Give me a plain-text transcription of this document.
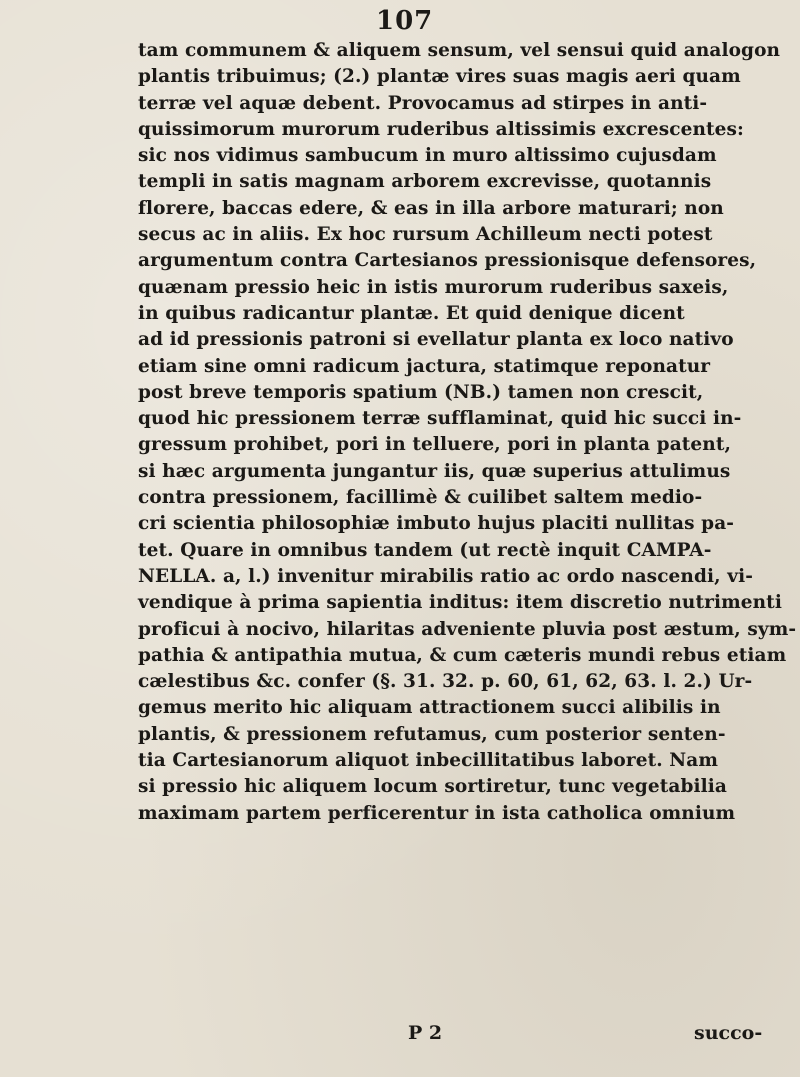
107
tam communem & aliquem sensum, vel sensui quid analogon
plantis tribuimus; (2.) plantæ vires suas magis aeri quam
terræ vel aquæ debent. Provocamus ad stirpes in anti-
quissimorum murorum ruderibus altissimis excrescentes:
sic nos vidimus sambucum in muro altissimo cujusdam
templi in satis magnam arborem excrevisse, quotannis
florere, baccas edere, & eas in illa arbore maturari; non
secus ac in aliis. Ex hoc rursum Achilleum necti potest
argumentum contra Cartesianos pressionisque defensores,
quænam pressio heic in istis murorum ruderibus saxeis,
in quibus radicantur plantæ. Et quid denique dicent
ad id pressionis patroni si evellatur planta ex loco nativo
etiam sine omni radicum jactura, statimque reponatur
post breve temporis spatium (NB.) tamen non crescit,
quod hic pressionem terræ sufflaminat, quid hic succi in-
gressum prohibet, pori in telluere, pori in planta patent,
si hæc argumenta jungantur iis, quæ superius attulimus
contra pressionem, facillimè & cuilibet saltem medio-
cri scientia philosophiæ imbuto hujus placiti nullitas pa-
tet. Quare in omnibus tandem (ut rectè inquit CAMPA-
NELLA. a, l.) invenitur mirabilis ratio ac ordo nascendi, vi-
vendique à prima sapientia inditus: item discretio nutrimenti
proficui à nocivo, hilaritas adveniente pluvia post æstum, sym-
pathia & antipathia mutua, & cum cæteris mundi rebus etiam
cælestibus &c. confer (§. 31. 32. p. 60, 61, 62, 63. l. 2.) Ur-
gemus merito hic aliquam attractionem succi alibilis in
plantis, & pressionem refutamus, cum posterior senten-
tia Cartesianorum aliquot inbecillitatibus laboret. Nam
si pressio hic aliquem locum sortiretur, tunc vegetabilia
maximam partem perficerentur in ista catholica omnium
P 2	succo-
